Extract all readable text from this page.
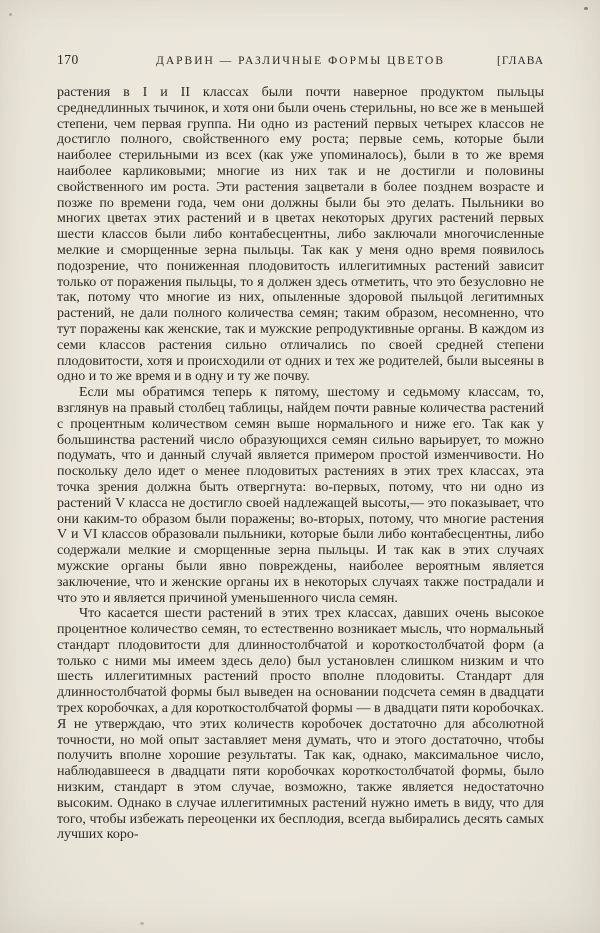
170	ДАРВИН — РАЗЛИЧНЫЕ ФОРМЫ ЦВЕТОВ	[ГЛАВА

растения в I и II классах были почти наверное продуктом пыльцы среднедлинных тычинок, и хотя они были очень стерильны, но все же в меньшей степени, чем первая группа. Ни одно из растений первых четырех классов не достигло полного, свойственного ему роста; первые семь, которые были наиболее стерильными из всех (как уже упоминалось), были в то же время наиболее карликовыми; многие из них так и не достигли и половины свойственного им роста. Эти растения зацветали в более позднем возрасте и позже по времени года, чем они должны были бы это делать. Пыльники во многих цветах этих растений и в цветах некоторых других растений первых шести классов были либо контабесцентны, либо заключали многочисленные мелкие и сморщенные зерна пыльцы. Так как у меня одно время появилось подозрение, что пониженная плодовитость иллегитимных растений зависит только от поражения пыльцы, то я должен здесь отметить, что это безусловно не так, потому что многие из них, опыленные здоровой пыльцой легитимных растений, не дали полного количества семян; таким образом, несомненно, что тут поражены как женские, так и мужские репродуктивные органы. В каждом из семи классов растения сильно отличались по своей средней степени плодовитости, хотя и происходили от одних и тех же родителей, были высеяны в одно и то же время и в одну и ту же почву.

Если мы обратимся теперь к пятому, шестому и седьмому классам, то, взглянув на правый столбец таблицы, найдем почти равные количества растений с процентным количеством семян выше нормального и ниже его. Так как у большинства растений число образующихся семян сильно варьирует, то можно подумать, что и данный случай является примером простой изменчивости. Но поскольку дело идет о менее плодовитых растениях в этих трех классах, эта точка зрения должна быть отвергнута: во-первых, потому, что ни одно из растений V класса не достигло своей надлежащей высоты,— это показывает, что они каким-то образом были поражены; во-вторых, потому, что многие растения V и VI классов образовали пыльники, которые были либо контабесцентны, либо содержали мелкие и сморщенные зерна пыльцы. И так как в этих случаях мужские органы были явно повреждены, наиболее вероятным является заключение, что и женские органы их в некоторых случаях также пострадали и что это и является причиной уменьшенного числа семян.

Что касается шести растений в этих трех классах, давших очень высокое процентное количество семян, то естественно возникает мысль, что нормальный стандарт плодовитости для длинностолбчатой и короткостолбчатой форм (а только с ними мы имеем здесь дело) был установлен слишком низким и что шесть иллегитимных растений просто вполне плодовиты. Стандарт для длинностолбчатой формы был выведен на основании подсчета семян в двадцати трех коробочках, а для короткостолбчатой формы — в двадцати пяти коробочках. Я не утверждаю, что этих количеств коробочек достаточно для абсолютной точности, но мой опыт заставляет меня думать, что и этого достаточно, чтобы получить вполне хорошие результаты. Так как, однако, максимальное число, наблюдавшееся в двадцати пяти коробочках короткостолбчатой формы, было низким, стандарт в этом случае, возможно, также является недостаточно высоким. Однако в случае иллегитимных растений нужно иметь в виду, что для того, чтобы избежать переоценки их бесплодия, всегда выбирались десять самых лучших коро-
